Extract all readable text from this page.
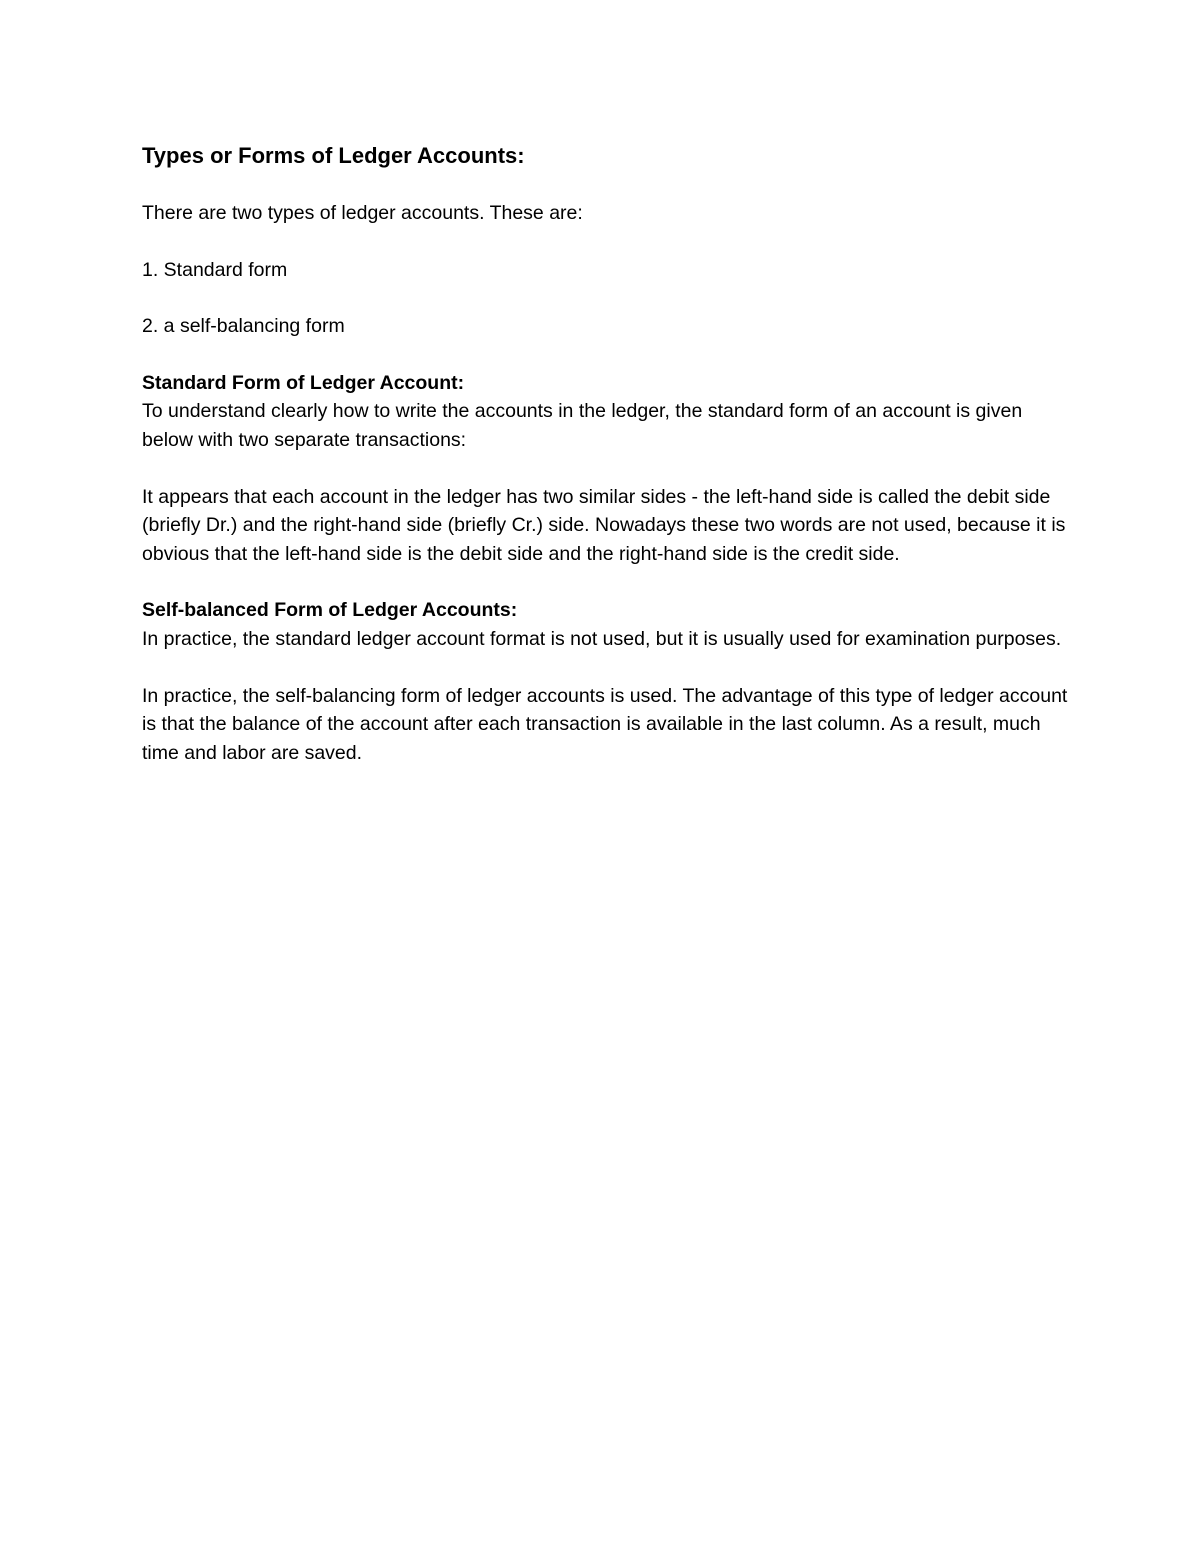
Types or Forms of Ledger Accounts:

There are two types of ledger accounts. These are:

1. Standard form

2. a self-balancing form

Standard Form of Ledger Account:

To understand clearly how to write the accounts in the ledger, the standard form of an account is given below with two separate transactions:

It appears that each account in the ledger has two similar sides - the left-hand side is called the debit side (briefly Dr.) and the right-hand side (briefly Cr.) side. Nowadays these two words are not used, because it is obvious that the left-hand side is the debit side and the right-hand side is the credit side.

Self-balanced Form of Ledger Accounts:

In practice, the standard ledger account format is not used, but it is usually used for examination purposes.

In practice, the self-balancing form of ledger accounts is used. The advantage of this type of ledger account is that the balance of the account after each transaction is available in the last column. As a result, much time and labor are saved.
